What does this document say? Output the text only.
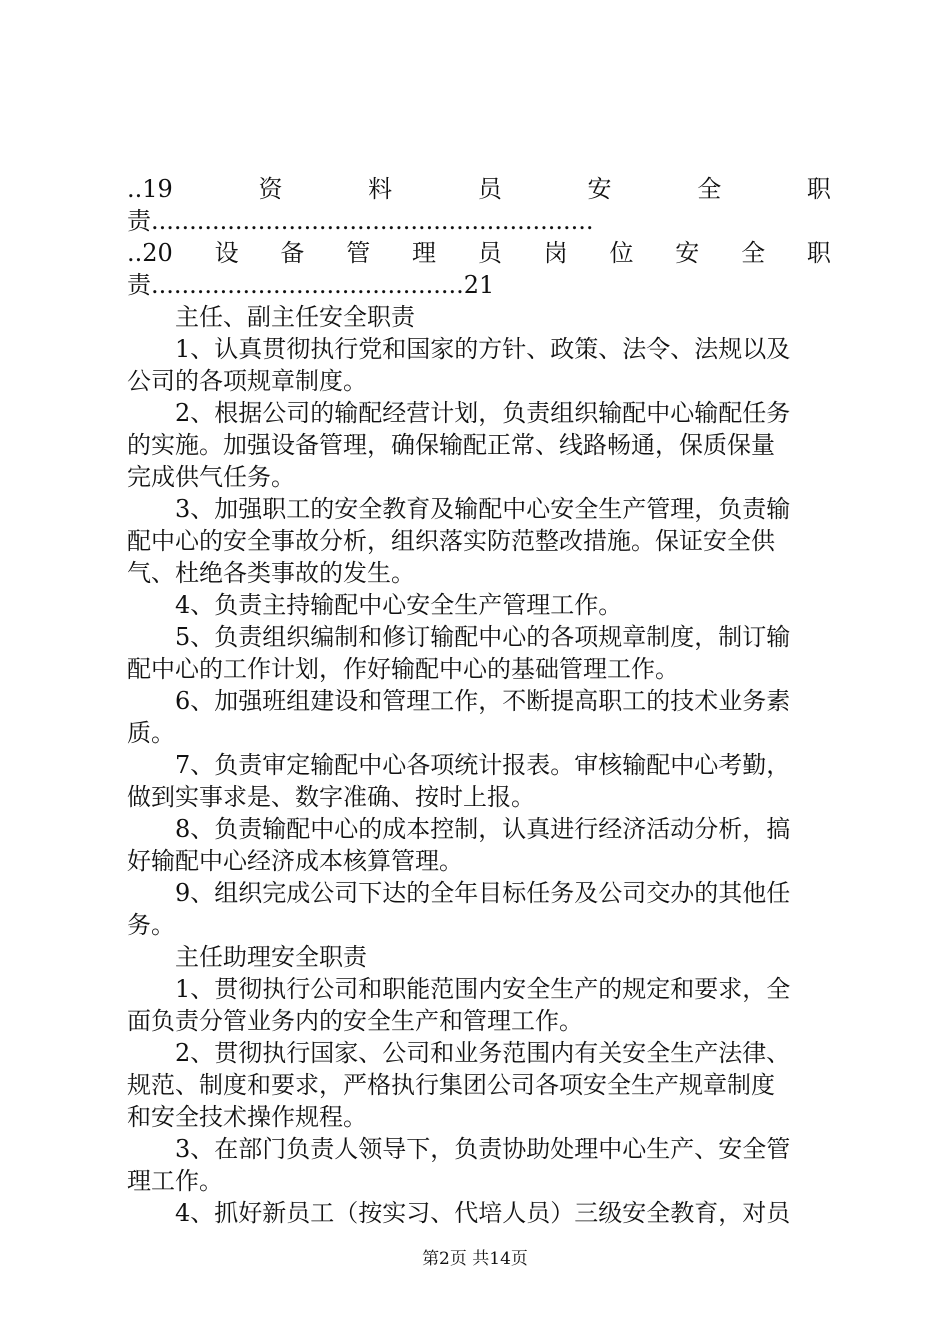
..19	资	料	员	安	全	职
责..........................................................
..20 设 备 管 理 员 岗 位 安 全 职
责.........................................21
主任、副主任安全职责
1、认真贯彻执行党和国家的方针、政策、法令、法规以及
公司的各项规章制度。
2、根据公司的输配经营计划，负责组织输配中心输配任务
的实施。加强设备管理，确保输配正常、线路畅通，保质保量
完成供气任务。
3、加强职工的安全教育及输配中心安全生产管理，负责输
配中心的安全事故分析，组织落实防范整改措施。保证安全供
气、杜绝各类事故的发生。
4、负责主持输配中心安全生产管理工作。
5、负责组织编制和修订输配中心的各项规章制度，制订输
配中心的工作计划，作好输配中心的基础管理工作。
6、加强班组建设和管理工作，不断提高职工的技术业务素
质。
7、负责审定输配中心各项统计报表。审核输配中心考勤，
做到实事求是、数字准确、按时上报。
8、负责输配中心的成本控制，认真进行经济活动分析，搞
好输配中心经济成本核算管理。
9、组织完成公司下达的全年目标任务及公司交办的其他任
务。
主任助理安全职责
1、贯彻执行公司和职能范围内安全生产的规定和要求，全
面负责分管业务内的安全生产和管理工作。
2、贯彻执行国家、公司和业务范围内有关安全生产法律、
规范、制度和要求，严格执行集团公司各项安全生产规章制度
和安全技术操作规程。
3、在部门负责人领导下，负责协助处理中心生产、安全管
理工作。
4、抓好新员工（按实习、代培人员）三级安全教育，对员
第2页 共14页
